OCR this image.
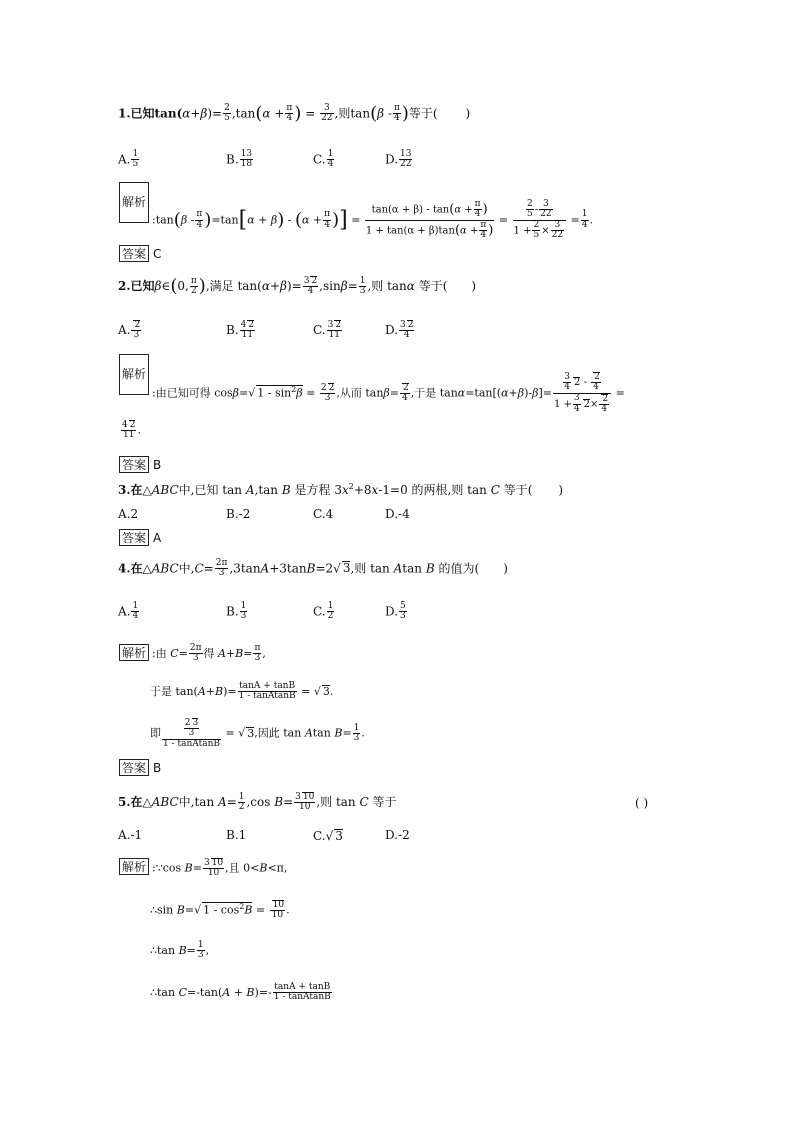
1.已知$\tan(\alpha+\beta)= \frac{2}{5} ,\tan(\alpha + \frac{\pi}{4}$ ) = $\frac{3}{22}$ ,则$\tan(\beta - \frac{\pi}{4}$ )等于( )
A. $\frac{1}{5}$	B. $\frac{13}{18}$	C. $\frac{1}{4}$	D. $\frac{13}{22}$
解析
:tan(β - $\frac{\pi}{4} )=\tan[\alpha + \beta) - (\alpha + \frac{\pi}{4}$ )] = $\frac{\tan(\alpha + \beta) - \tan(\alpha + \frac{\pi}{4} )}{1 + \tan(\alpha + \beta)\tan(\alpha + \frac{\pi}{4} )} = \frac{\frac{2}{5} - \frac{3}{22}}{1 + \frac{2}{5} \times \frac{3}{22}} = \frac{1}{4}$ .
答案 C
2.已知β∈(0, $\frac{\pi}{2}$ ),满足 $\tan(\alpha+\beta)= \frac{3 2}{4} ,\sin\beta= \frac{1}{3}$ ,则 tanα 等于( )
A. $\frac{2}{3}$	B. $\frac{4 2}{11}$	C. $\frac{3 2}{11}$	D. $\frac{3 2}{4}$
解析
:由已知可得 cosβ=√ $1 - \sin^2\beta = \frac{2 2}{3}$ ,从而 $\tan\beta= \frac{2}{4}$ ,于是 $\tan\alpha=\tan[(\alpha+\beta)-\beta]= \frac{\frac{3}{4} 2 - \frac{2}{4}}{1 + \frac{3}{4} 2\times \frac{2}{4}}$ =
$\frac{4 2}{11}$ .
答案 B
3.在△ABC中,已知 tan A,tan B 是方程 $3x^2+8x-1=0$ 的两根,则 tan C 等于( )
A.2	B.-2	C.4	D.-4
答案 A
4.在△ABC中$,C= \frac{2\pi}{3} ,3\tan A+3\tan B=2√$ 3,则 tan Atan B 的值为( )
A. $\frac{1}{4}$	B. $\frac{1}{3}$	C. $\frac{1}{2}$	D. $\frac{5}{3}$
解析 :由 $C= \frac{2\pi}{3}$ 得 $A+B= \frac{\pi}{3}$ ,
于是 $\tan(A+B)= \frac{\tan A + \tan B}{\text{1 - tanAtanB}}$ = √ 3.
即 $\frac{\frac{2 3}{3}}{\text{1 - tanAtanB}}$ = √ 3,因此 tan Atan $B= \frac{1}{3}$ .
答案 B
5.在△ABC中,tan $A= \frac{1}{2} ,\cos$ $B= \frac{3 10}{10}$ ,则 tan C 等于	( )
A.-1	B.1	C.√ 3	D.-2
解析 :∵cos $B= \frac{3 10}{10}$ ,且 0<B<π,
∴sin B=√ $1 - \cos^2B = \frac{10}{10}$ .
∴tan $B= \frac{1}{3}$ ,
∴tan $C=-\tan(A + B)=- \frac{\tan A + \tan B}{\text{1 - tanAtanB}}$
